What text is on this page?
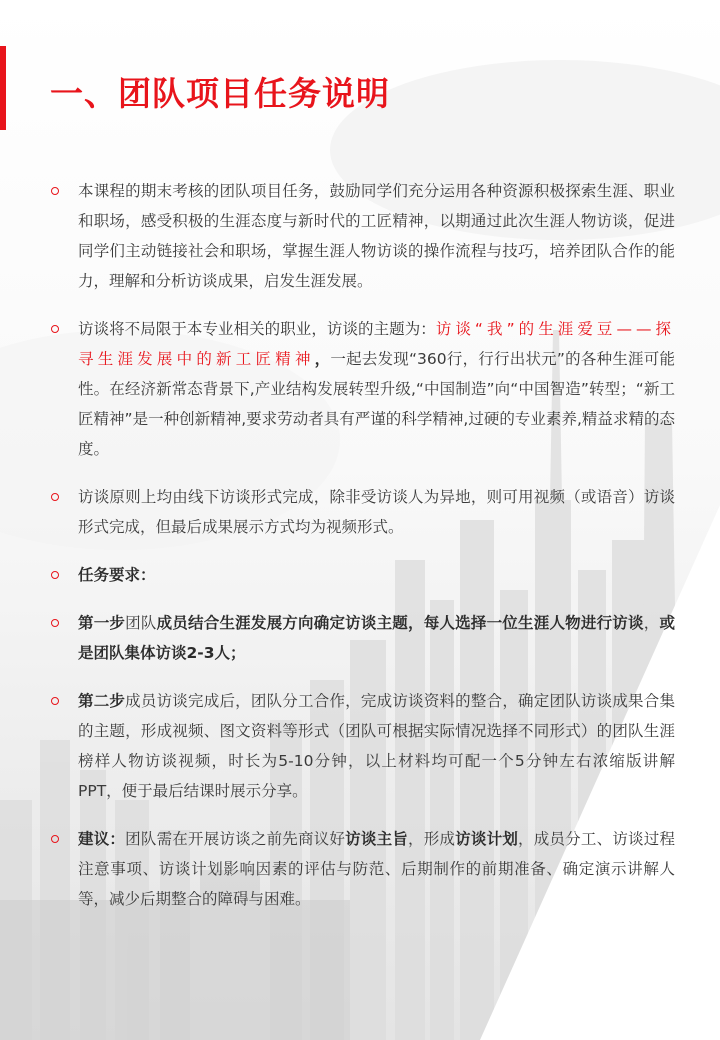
一、团队项目任务说明
本课程的期末考核的团队项目任务，鼓励同学们充分运用各种资源积极探索生涯、职业和职场，感受积极的生涯态度与新时代的工匠精神，以期通过此次生涯人物访谈，促进同学们主动链接社会和职场，掌握生涯人物访谈的操作流程与技巧，培养团队合作的能力，理解和分析访谈成果，启发生涯发展。
访谈将不局限于本专业相关的职业，访谈的主题为：访谈“我”的生涯爱豆——探寻生涯发展中的新工匠精神，一起去发现“360行，行行出状元”的各种生涯可能性。在经济新常态背景下,产业结构发展转型升级,“中国制造”向“中国智造”转型；“新工匠精神”是一种创新精神,要求劳动者具有严谨的科学精神,过硬的专业素养,精益求精的态度。
访谈原则上均由线下访谈形式完成，除非受访谈人为异地，则可用视频（或语音）访谈形式完成，但最后成果展示方式均为视频形式。
任务要求：
第一步团队成员结合生涯发展方向确定访谈主题，每人选择一位生涯人物进行访谈，或是团队集体访谈2-3人；
第二步成员访谈完成后，团队分工合作，完成访谈资料的整合，确定团队访谈成果合集的主题，形成视频、图文资料等形式（团队可根据实际情况选择不同形式）的团队生涯榜样人物访谈视频，时长为5-10分钟，以上材料均可配一个5分钟左右浓缩版讲解PPT，便于最后结课时展示分享。
建议：团队需在开展访谈之前先商议好访谈主旨，形成访谈计划，成员分工、访谈过程注意事项、访谈计划影响因素的评估与防范、后期制作的前期准备、确定演示讲解人等，减少后期整合的障碍与困难。
